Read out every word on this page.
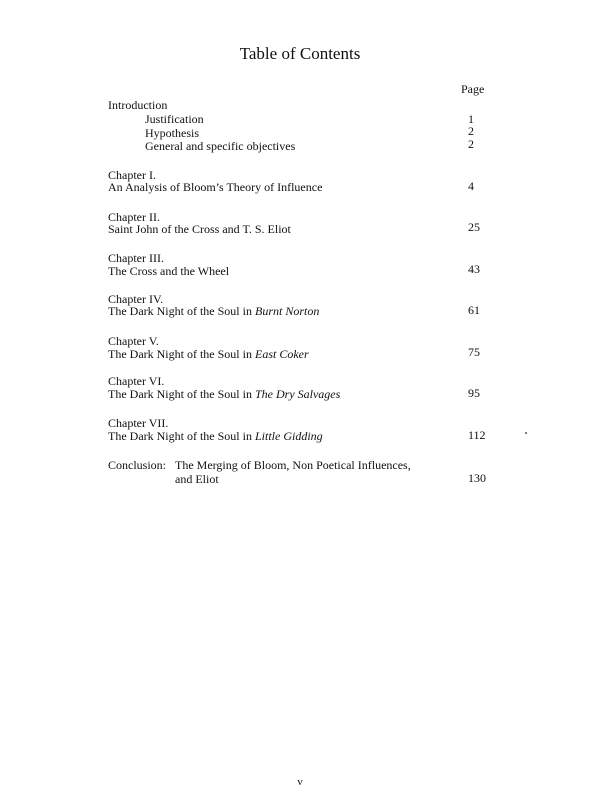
Table of Contents
Page
Introduction
Justification	1
Hypothesis	2
General and specific objectives	2
Chapter I.
An Analysis of Bloom’s Theory of Influence	4
Chapter II.
Saint John of the Cross and T. S. Eliot	25
Chapter III.
The Cross and the Wheel	43
Chapter IV.
The Dark Night of the Soul in Burnt Norton	61
Chapter V.
The Dark Night of the Soul in East Coker	75
Chapter VI.
The Dark Night of the Soul in The Dry Salvages	95
Chapter VII.
The Dark Night of the Soul in Little Gidding	112
Conclusion: The Merging of Bloom, Non Poetical Influences,
and Eliot	130
v
